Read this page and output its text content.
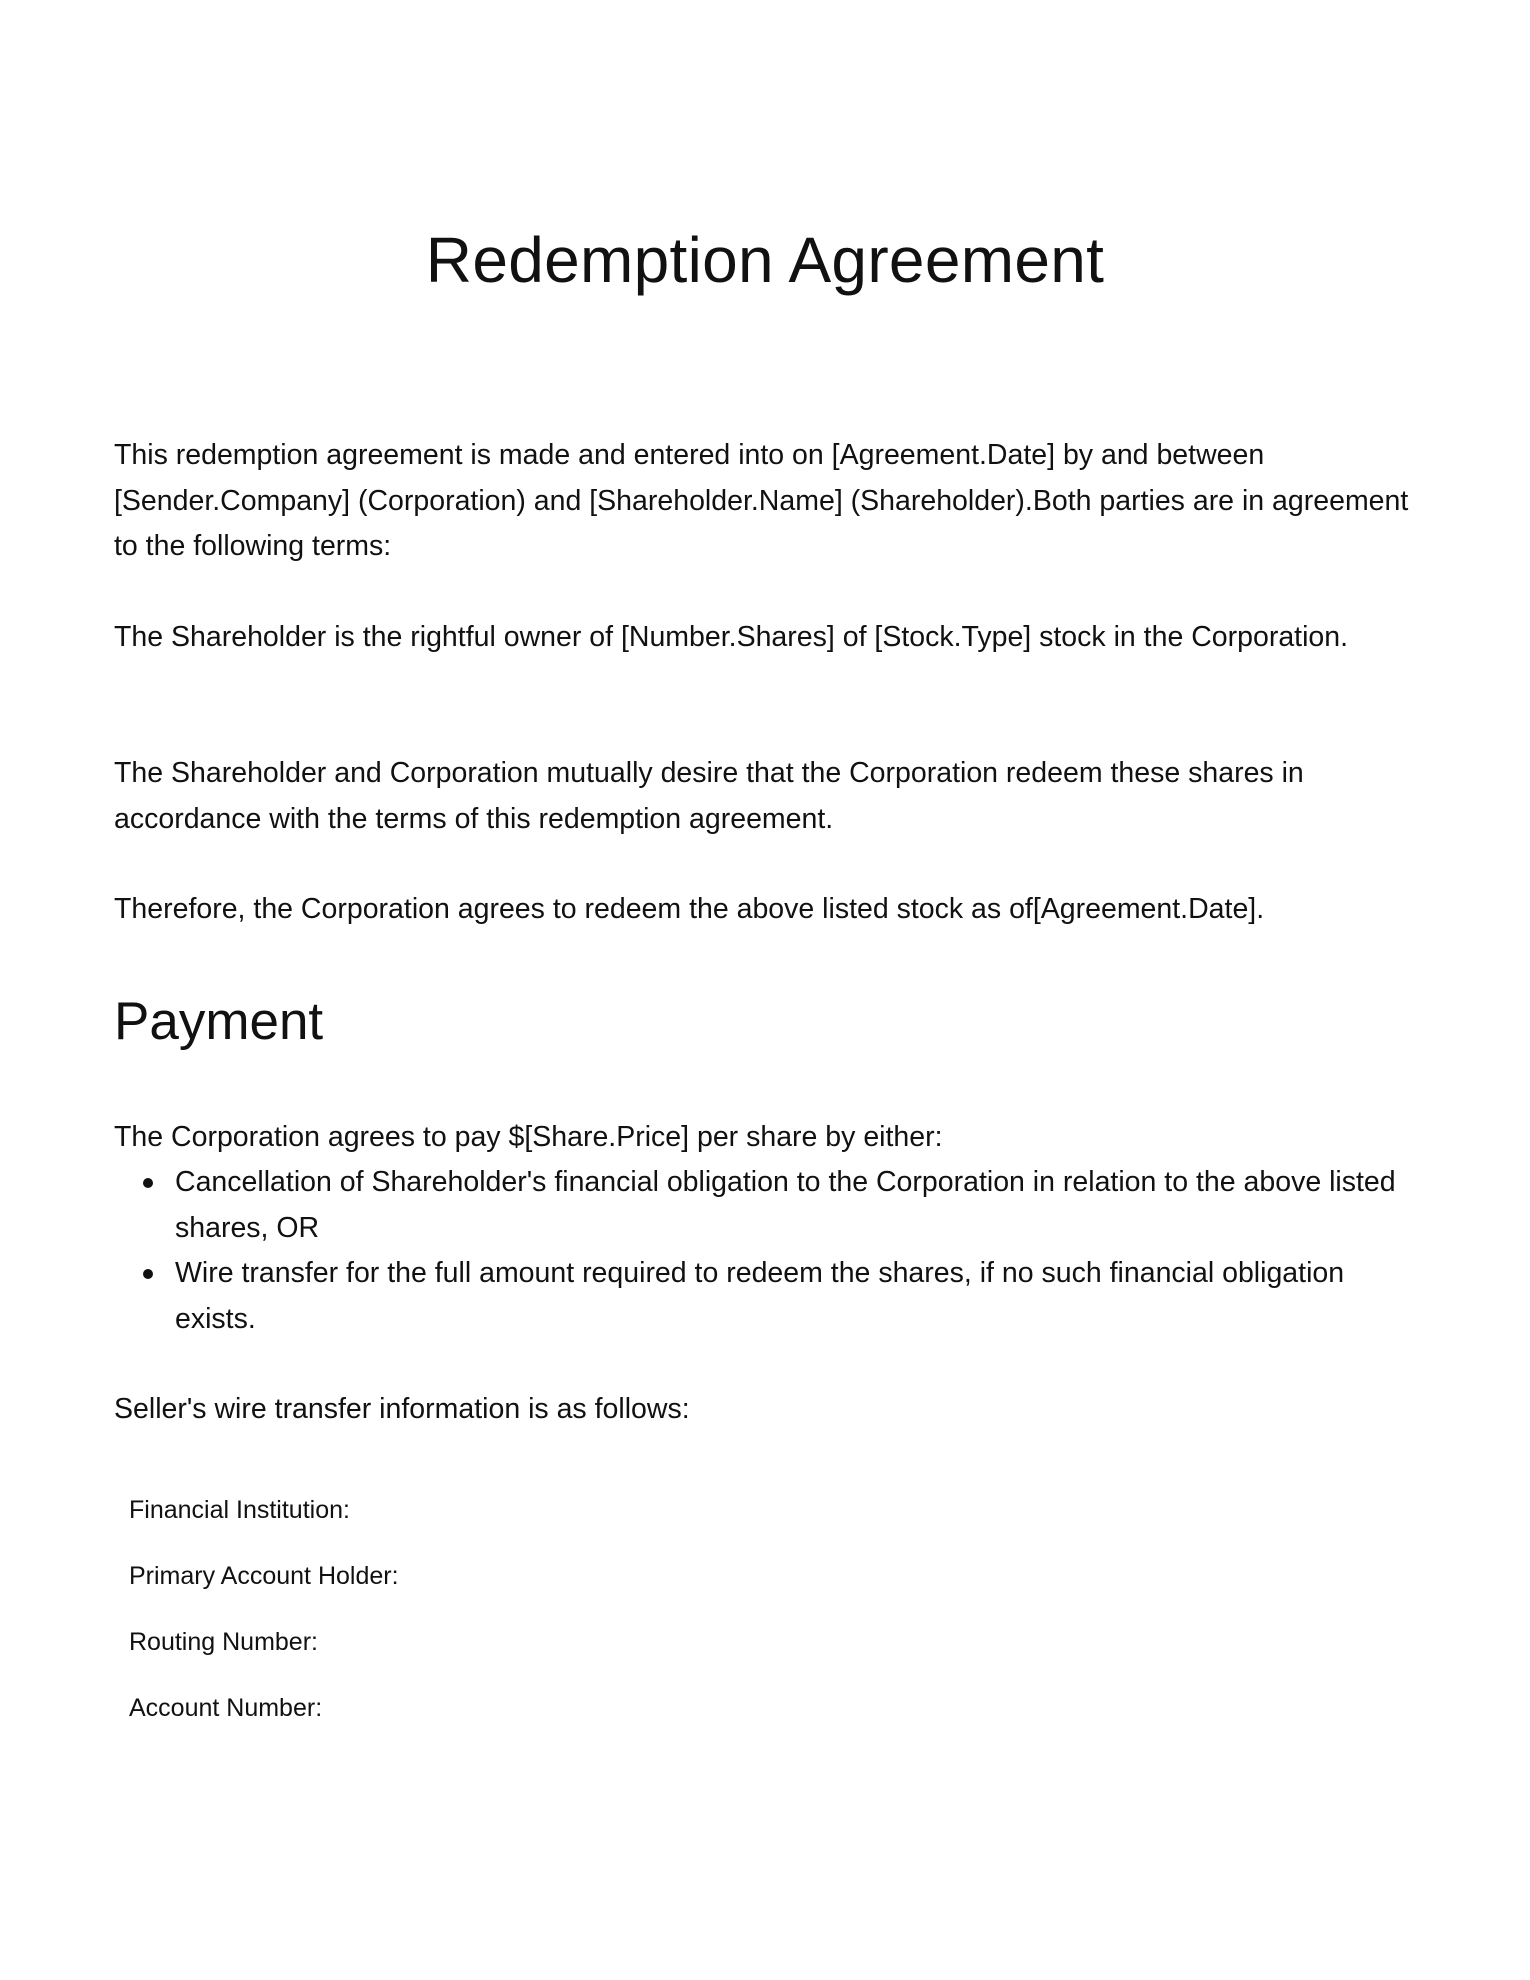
Redemption Agreement

This redemption agreement is made and entered into on [Agreement.Date] by and between [Sender.Company] (Corporation) and [Shareholder.Name] (Shareholder).Both parties are in agreement to the following terms:

The Shareholder is the rightful owner of [Number.Shares] of [Stock.Type] stock in the Corporation.

The Shareholder and Corporation mutually desire that the Corporation redeem these shares in accordance with the terms of this redemption agreement.

Therefore, the Corporation agrees to redeem the above listed stock as of[Agreement.Date].

Payment

The Corporation agrees to pay $[Share.Price] per share by either:

Cancellation of Shareholder's financial obligation to the Corporation in relation to the above listed shares, OR
Wire transfer for the full amount required to redeem the shares, if no such financial obligation exists.

Seller's wire transfer information is as follows:

Financial Institution:
Primary Account Holder:
Routing Number:
Account Number:
